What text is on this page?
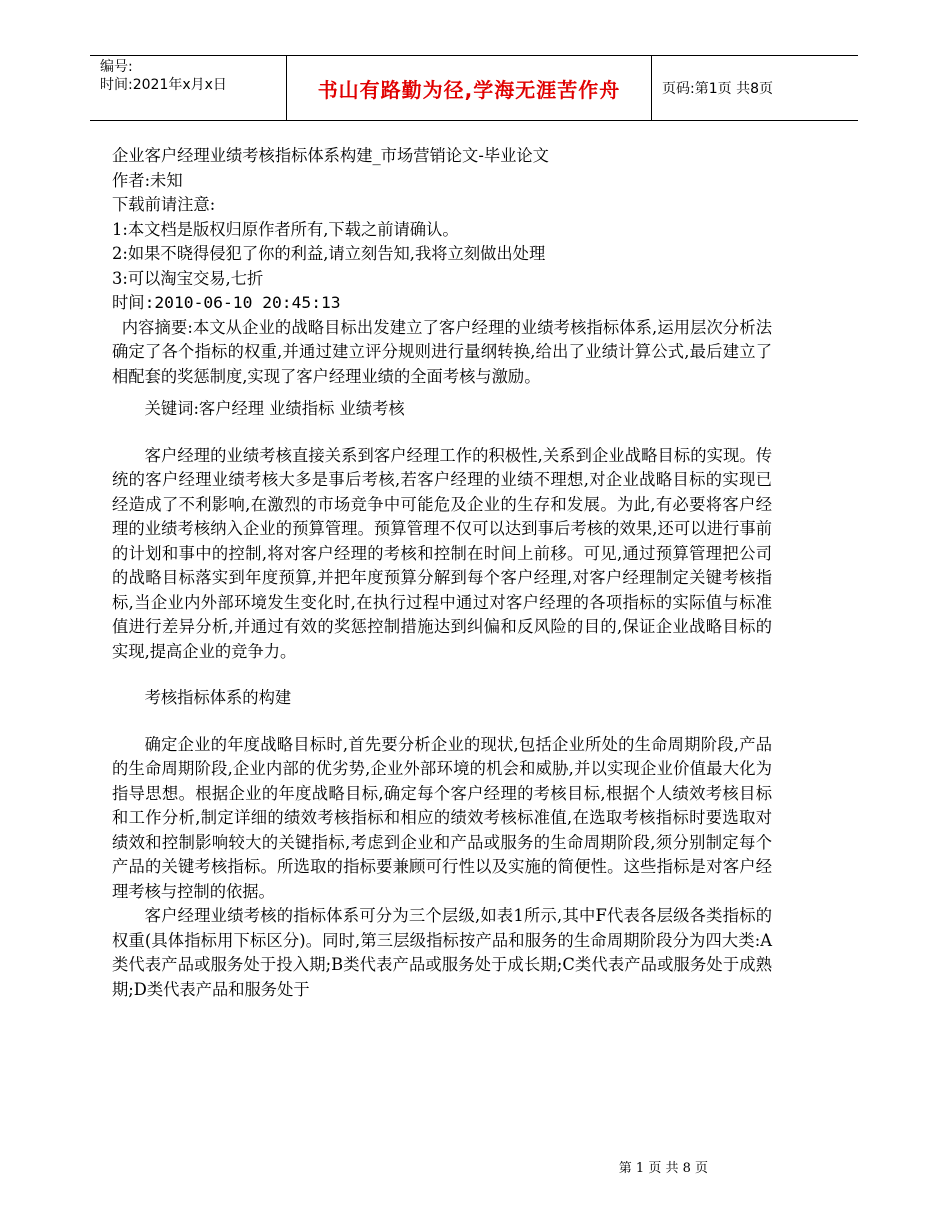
编号:
时间:2021年x月x日	书山有路勤为径,学海无涯苦作舟	页码:第1页 共8页
企业客户经理业绩考核指标体系构建_市场营销论文-毕业论文
作者:未知
下载前请注意:
1:本文档是版权归原作者所有,下载之前请确认。
2:如果不晓得侵犯了你的利益,请立刻告知,我将立刻做出处理
3:可以淘宝交易,七折
时间:2010-06-10 20:45:13
内容摘要:本文从企业的战略目标出发建立了客户经理的业绩考核指标体系,运用层次分析法确定了各个指标的权重,并通过建立评分规则进行量纲转换,给出了业绩计算公式,最后建立了相配套的奖惩制度,实现了客户经理业绩的全面考核与激励。
关键词:客户经理 业绩指标 业绩考核
客户经理的业绩考核直接关系到客户经理工作的积极性,关系到企业战略目标的实现。传统的客户经理业绩考核大多是事后考核,若客户经理的业绩不理想,对企业战略目标的实现已经造成了不利影响,在激烈的市场竞争中可能危及企业的生存和发展。为此,有必要将客户经理的业绩考核纳入企业的预算管理。预算管理不仅可以达到事后考核的效果,还可以进行事前的计划和事中的控制,将对客户经理的考核和控制在时间上前移。可见,通过预算管理把公司的战略目标落实到年度预算,并把年度预算分解到每个客户经理,对客户经理制定关键考核指标,当企业内外部环境发生变化时,在执行过程中通过对客户经理的各项指标的实际值与标准值进行差异分析,并通过有效的奖惩控制措施达到纠偏和反风险的目的,保证企业战略目标的实现,提高企业的竞争力。
考核指标体系的构建
确定企业的年度战略目标时,首先要分析企业的现状,包括企业所处的生命周期阶段,产品的生命周期阶段,企业内部的优劣势,企业外部环境的机会和威胁,并以实现企业价值最大化为指导思想。根据企业的年度战略目标,确定每个客户经理的考核目标,根据个人绩效考核目标和工作分析,制定详细的绩效考核指标和相应的绩效考核标准值,在选取考核指标时要选取对绩效和控制影响较大的关键指标,考虑到企业和产品或服务的生命周期阶段,须分别制定每个产品的关键考核指标。所选取的指标要兼顾可行性以及实施的简便性。这些指标是对客户经理考核与控制的依据。
客户经理业绩考核的指标体系可分为三个层级,如表1所示,其中F代表各层级各类指标的权重(具体指标用下标区分)。同时,第三层级指标按产品和服务的生命周期阶段分为四大类:A类代表产品或服务处于投入期;B类代表产品或服务处于成长期;C类代表产品或服务处于成熟期;D类代表产品和服务处于
第 1 页 共 8 页
